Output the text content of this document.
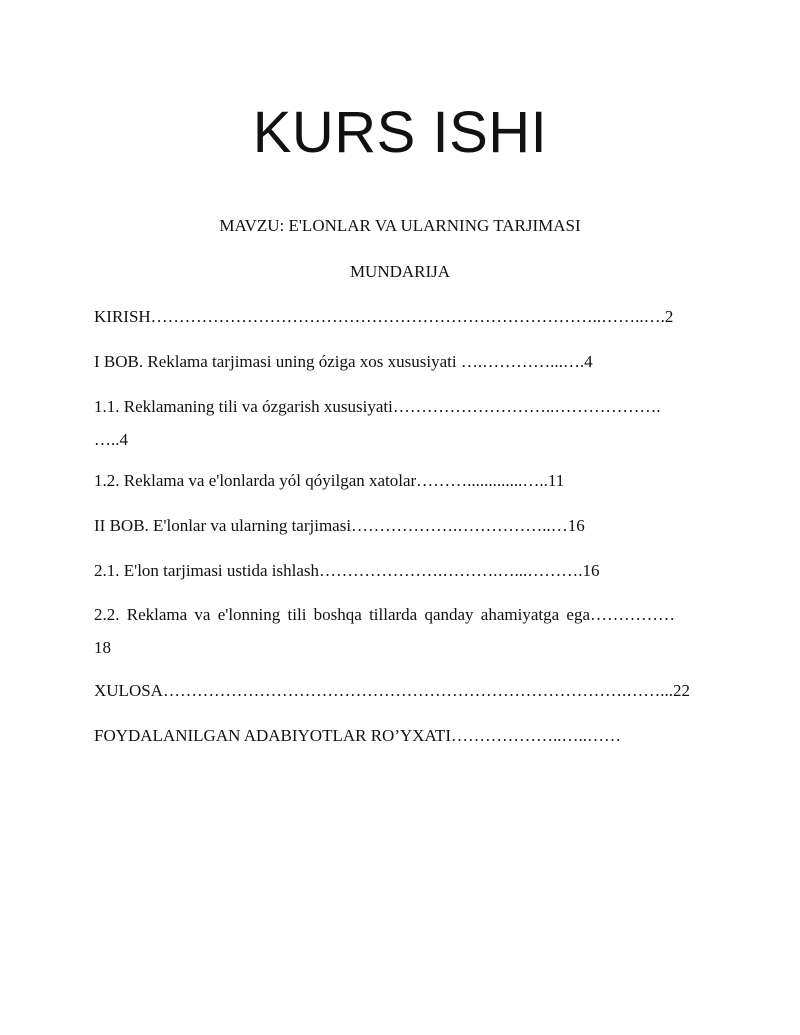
KURS ISHI
MAVZU: E'LONLAR VA ULARNING TARJIMASI
MUNDARIJA
KIRISH……………………………………………………………………..……..….2
I BOB. Reklama tarjimasi uning óziga xos xususiyati ….…………...….4
1.1. Reklamaning tili va ózgarish xususiyati………………………..……………….
…..4
1.2. Reklama va e'lonlarda yól qóyilgan xatolar……….............…..11
II BOB. E'lonlar va ularning tarjimasi……………….……………..…16
2.1. E'lon tarjimasi ustida ishlash………………….……….…...……….16
2.2. Reklama va e'lonning tili boshqa tillarda qanday ahamiyatga ega……………
18
XULOSA……………………………………………………………………….……...22
FOYDALANILGAN ADABIYOTLAR RO’YXATI………………..…..……
